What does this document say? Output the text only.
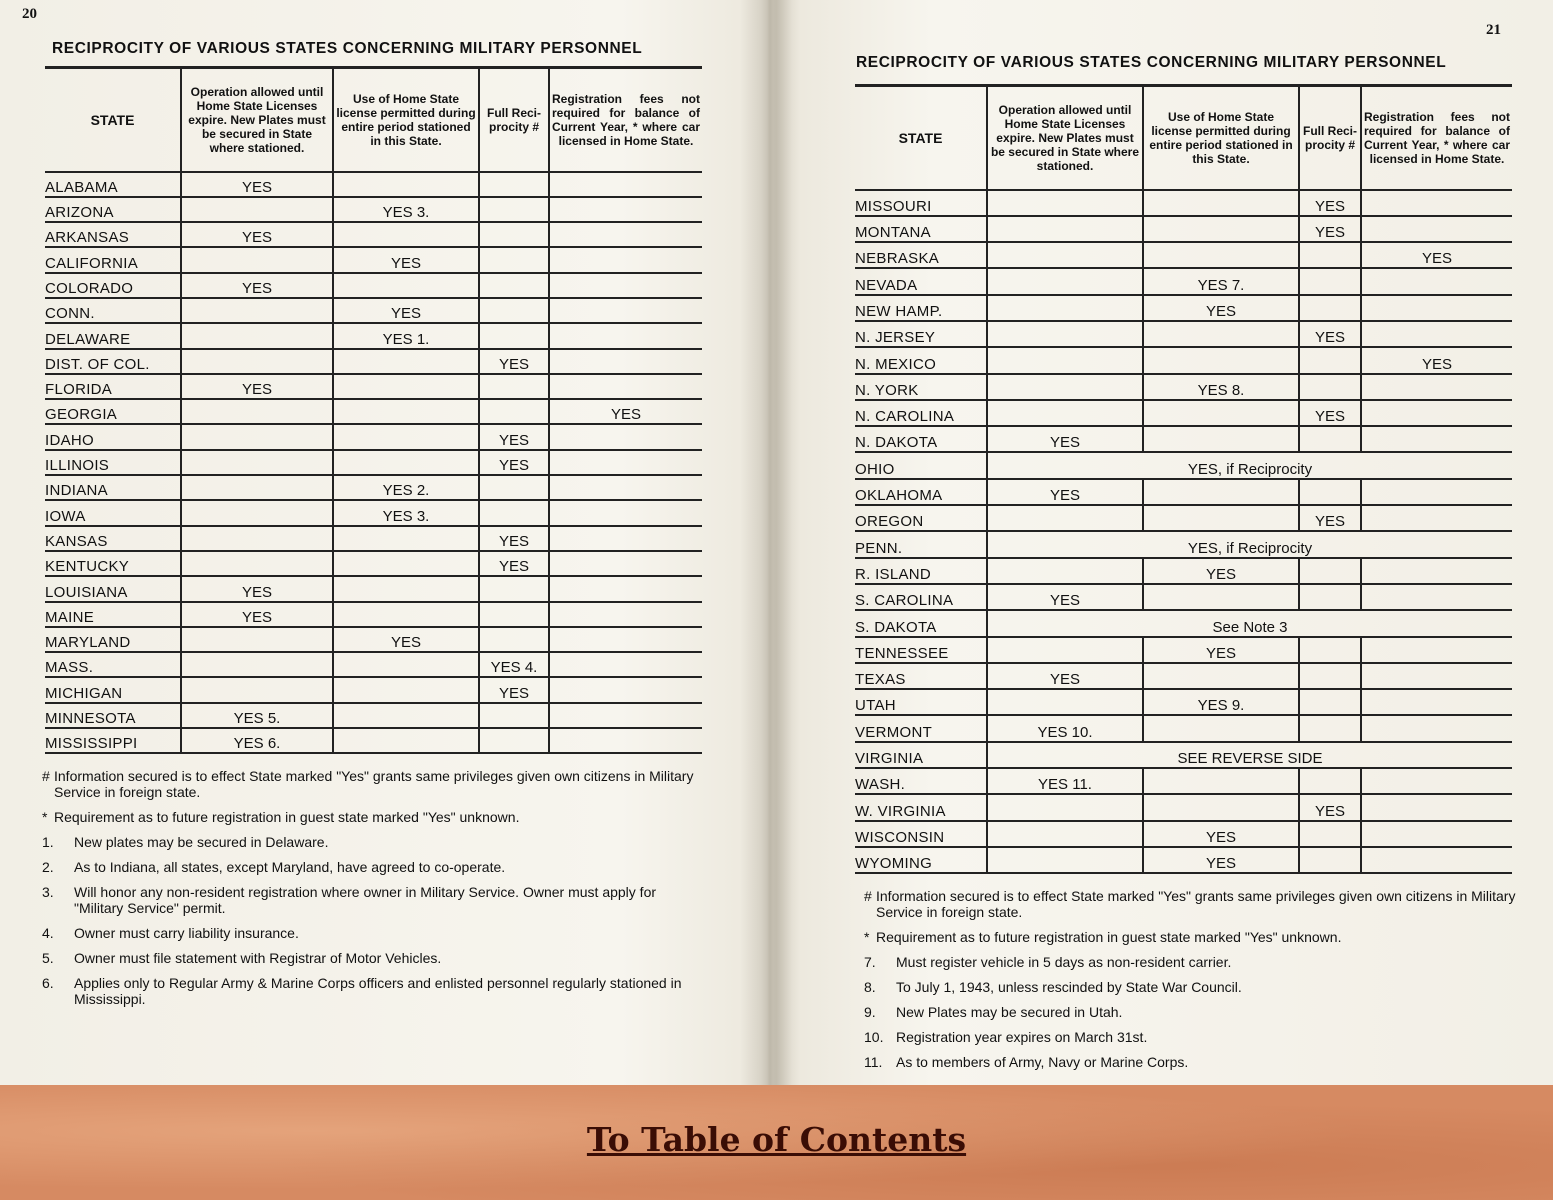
20
RECIPROCITY OF VARIOUS STATES CONCERNING MILITARY PERSONNEL
STATE	Operation allowed until Home State Licenses expire. New Plates must be secured in State where stationed.	Use of Home State license permitted during entire period stationed in this State.	Full Reci-procity #	Registration fees not required for balance of Current Year, * where car licensed in Home State.
ALABAMA	YES			
ARIZONA		YES 3.		
ARKANSAS	YES			
CALIFORNIA		YES		
COLORADO	YES			
CONN.		YES		
DELAWARE		YES 1.		
DIST. OF COL.			YES	
FLORIDA	YES			
GEORGIA				YES
IDAHO			YES	
ILLINOIS			YES	
INDIANA		YES 2.		
IOWA		YES 3.		
KANSAS			YES	
KENTUCKY			YES	
LOUISIANA	YES			
MAINE	YES			
MARYLAND		YES		
MASS.			YES 4.	
MICHIGAN			YES	
MINNESOTA	YES 5.			
MISSISSIPPI	YES 6.			
# Information secured is to effect State marked "Yes" grants same privileges given own citizens in Military Service in foreign state.
* Requirement as to future registration in guest state marked "Yes" unknown.
1.	New plates may be secured in Delaware.
2.	As to Indiana, all states, except Maryland, have agreed to co-operate.
3.	Will honor any non-resident registration where owner in Military Service. Owner must apply for "Military Service" permit.
4.	Owner must carry liability insurance.
5.	Owner must file statement with Registrar of Motor Vehicles.
6.	Applies only to Regular Army & Marine Corps officers and enlisted personnel regularly stationed in Mississippi.
21
RECIPROCITY OF VARIOUS STATES CONCERNING MILITARY PERSONNEL
STATE	Operation allowed until Home State Licenses expire. New Plates must be secured in State where stationed.	Use of Home State license permitted during entire period stationed in this State.	Full Reci-procity #	Registration fees not required for balance of Current Year, * where car licensed in Home State.
MISSOURI			YES	
MONTANA			YES	
NEBRASKA				YES
NEVADA		YES 7.		
NEW HAMP.		YES		
N. JERSEY			YES	
N. MEXICO				YES
N. YORK		YES 8.		
N. CAROLINA			YES	
N. DAKOTA	YES			
OHIO	YES, if Reciprocity			
OKLAHOMA	YES			
OREGON			YES	
PENN.	YES, if Reciprocity			
R. ISLAND		YES		
S. CAROLINA	YES			
S. DAKOTA	See Note 3			
TENNESSEE		YES		
TEXAS	YES			
UTAH		YES 9.		
VERMONT	YES 10.			
VIRGINIA	SEE REVERSE SIDE			
WASH.	YES 11.			
W. VIRGINIA			YES	
WISCONSIN		YES		
WYOMING		YES		
# Information secured is to effect State marked "Yes" grants same privileges given own citizens in Military Service in foreign state.
* Requirement as to future registration in guest state marked "Yes" unknown.
7.	Must register vehicle in 5 days as non-resident carrier.
8.	To July 1, 1943, unless rescinded by State War Council.
9.	New Plates may be secured in Utah.
10. Registration year expires on March 31st.
11. As to members of Army, Navy or Marine Corps.
To Table of Contents
